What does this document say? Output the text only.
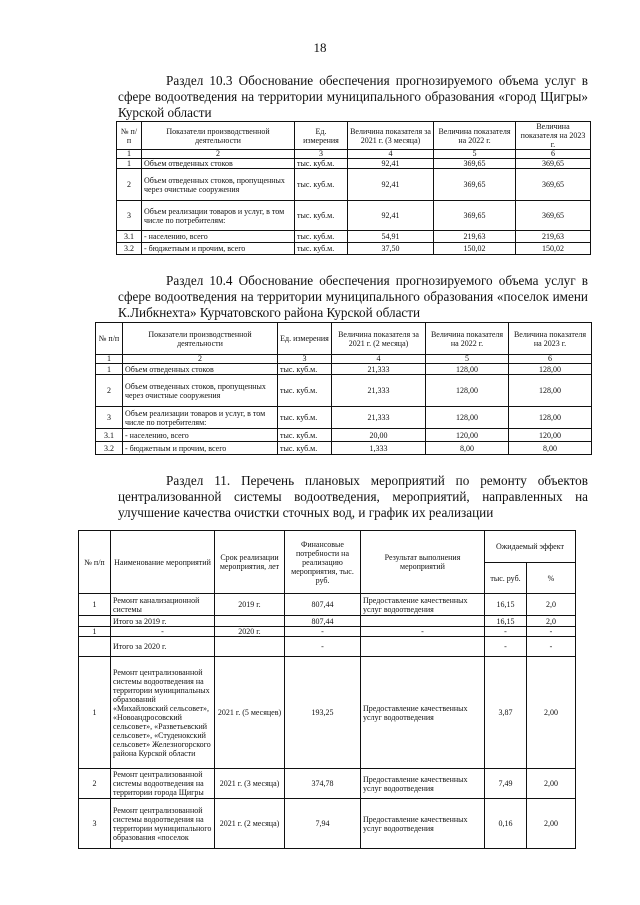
18
Раздел 10.3 Обоснование обеспечения прогнозируемого объема услуг в сфере водоотведения на территории муниципального образования «город Щигры» Курской области
№ п/п	Показатели производственной деятельности	Ед. измерения	Величина показателя за 2021 г. (3 месяца)	Величина показателя на 2022 г.	Величина показателя на 2023 г.
1	2	3	4	5	6
1	Объем отведенных стоков	тыс. куб.м.	92,41	369,65	369,65
2	Объем отведенных стоков, пропущенных через очистные сооружения	тыс. куб.м.	92,41	369,65	369,65
3	Объем реализации товаров и услуг, в том числе по потребителям:	тыс. куб.м.	92,41	369,65	369,65
3.1	- населению, всего	тыс. куб.м.	54,91	219,63	219,63
3.2	- бюджетным и прочим, всего	тыс. куб.м.	37,50	150,02	150,02
Раздел 10.4 Обоснование обеспечения прогнозируемого объема услуг в сфере водоотведения на территории муниципального образования «поселок имени К.Либкнехта» Курчатовского района Курской области
№ п/п	Показатели производственной деятельности	Ед. измерения	Величина показателя за 2021 г. (2 месяца)	Величина показателя на 2022 г.	Величина показателя на 2023 г.
1	2	3	4	5	6
1	Объем отведенных стоков	тыс. куб.м.	21,333	128,00	128,00
2	Объем отведенных стоков, пропущенных через очистные сооружения	тыс. куб.м.	21,333	128,00	128,00
3	Объем реализации товаров и услуг, в том числе по потребителям:	тыс. куб.м.	21,333	128,00	128,00
3.1	- населению, всего	тыс. куб.м.	20,00	120,00	120,00
3.2	- бюджетным и прочим, всего	тыс. куб.м.	1,333	8,00	8,00
Раздел 11. Перечень плановых мероприятий по ремонту объектов централизованной системы водоотведения, мероприятий, направленных на улучшение качества очистки сточных вод, и график их реализации
№ п/п	Наименование мероприятий	Срок реализации мероприятия, лет	Финансовые потребности на реализацию мероприятия, тыс. руб.	Результат выполнения мероприятий	Ожидаемый эффект	
					тыс. руб.	%
1	Ремонт канализационной системы	2019 г.	807,44	Предоставление качественных услуг водоотведения	16,15	2,0
	Итого за 2019 г.		807,44		16,15	2,0
1	-	2020 г.	-	-	-	-
	Итого за 2020 г.		-		-	-
1	Ремонт централизованной системы водоотведения на территории муниципальных образований «Михайловский сельсовет», «Новоандросовский сельсовет», «Разветьевский сельсовет», «Студенокский сельсовет» Железногорского района Курской области	2021 г. (5 месяцев)	193,25	Предоставление качественных услуг водоотведения	3,87	2,00
2	Ремонт централизованной системы водоотведения на территории города Щигры	2021 г. (3 месяца)	374,78	Предоставление качественных услуг водоотведения	7,49	2,00
3	Ремонт централизованной системы водоотведения на территории муниципального образования «поселок	2021 г. (2 месяца)	7,94	Предоставление качественных услуг водоотведения	0,16	2,00
